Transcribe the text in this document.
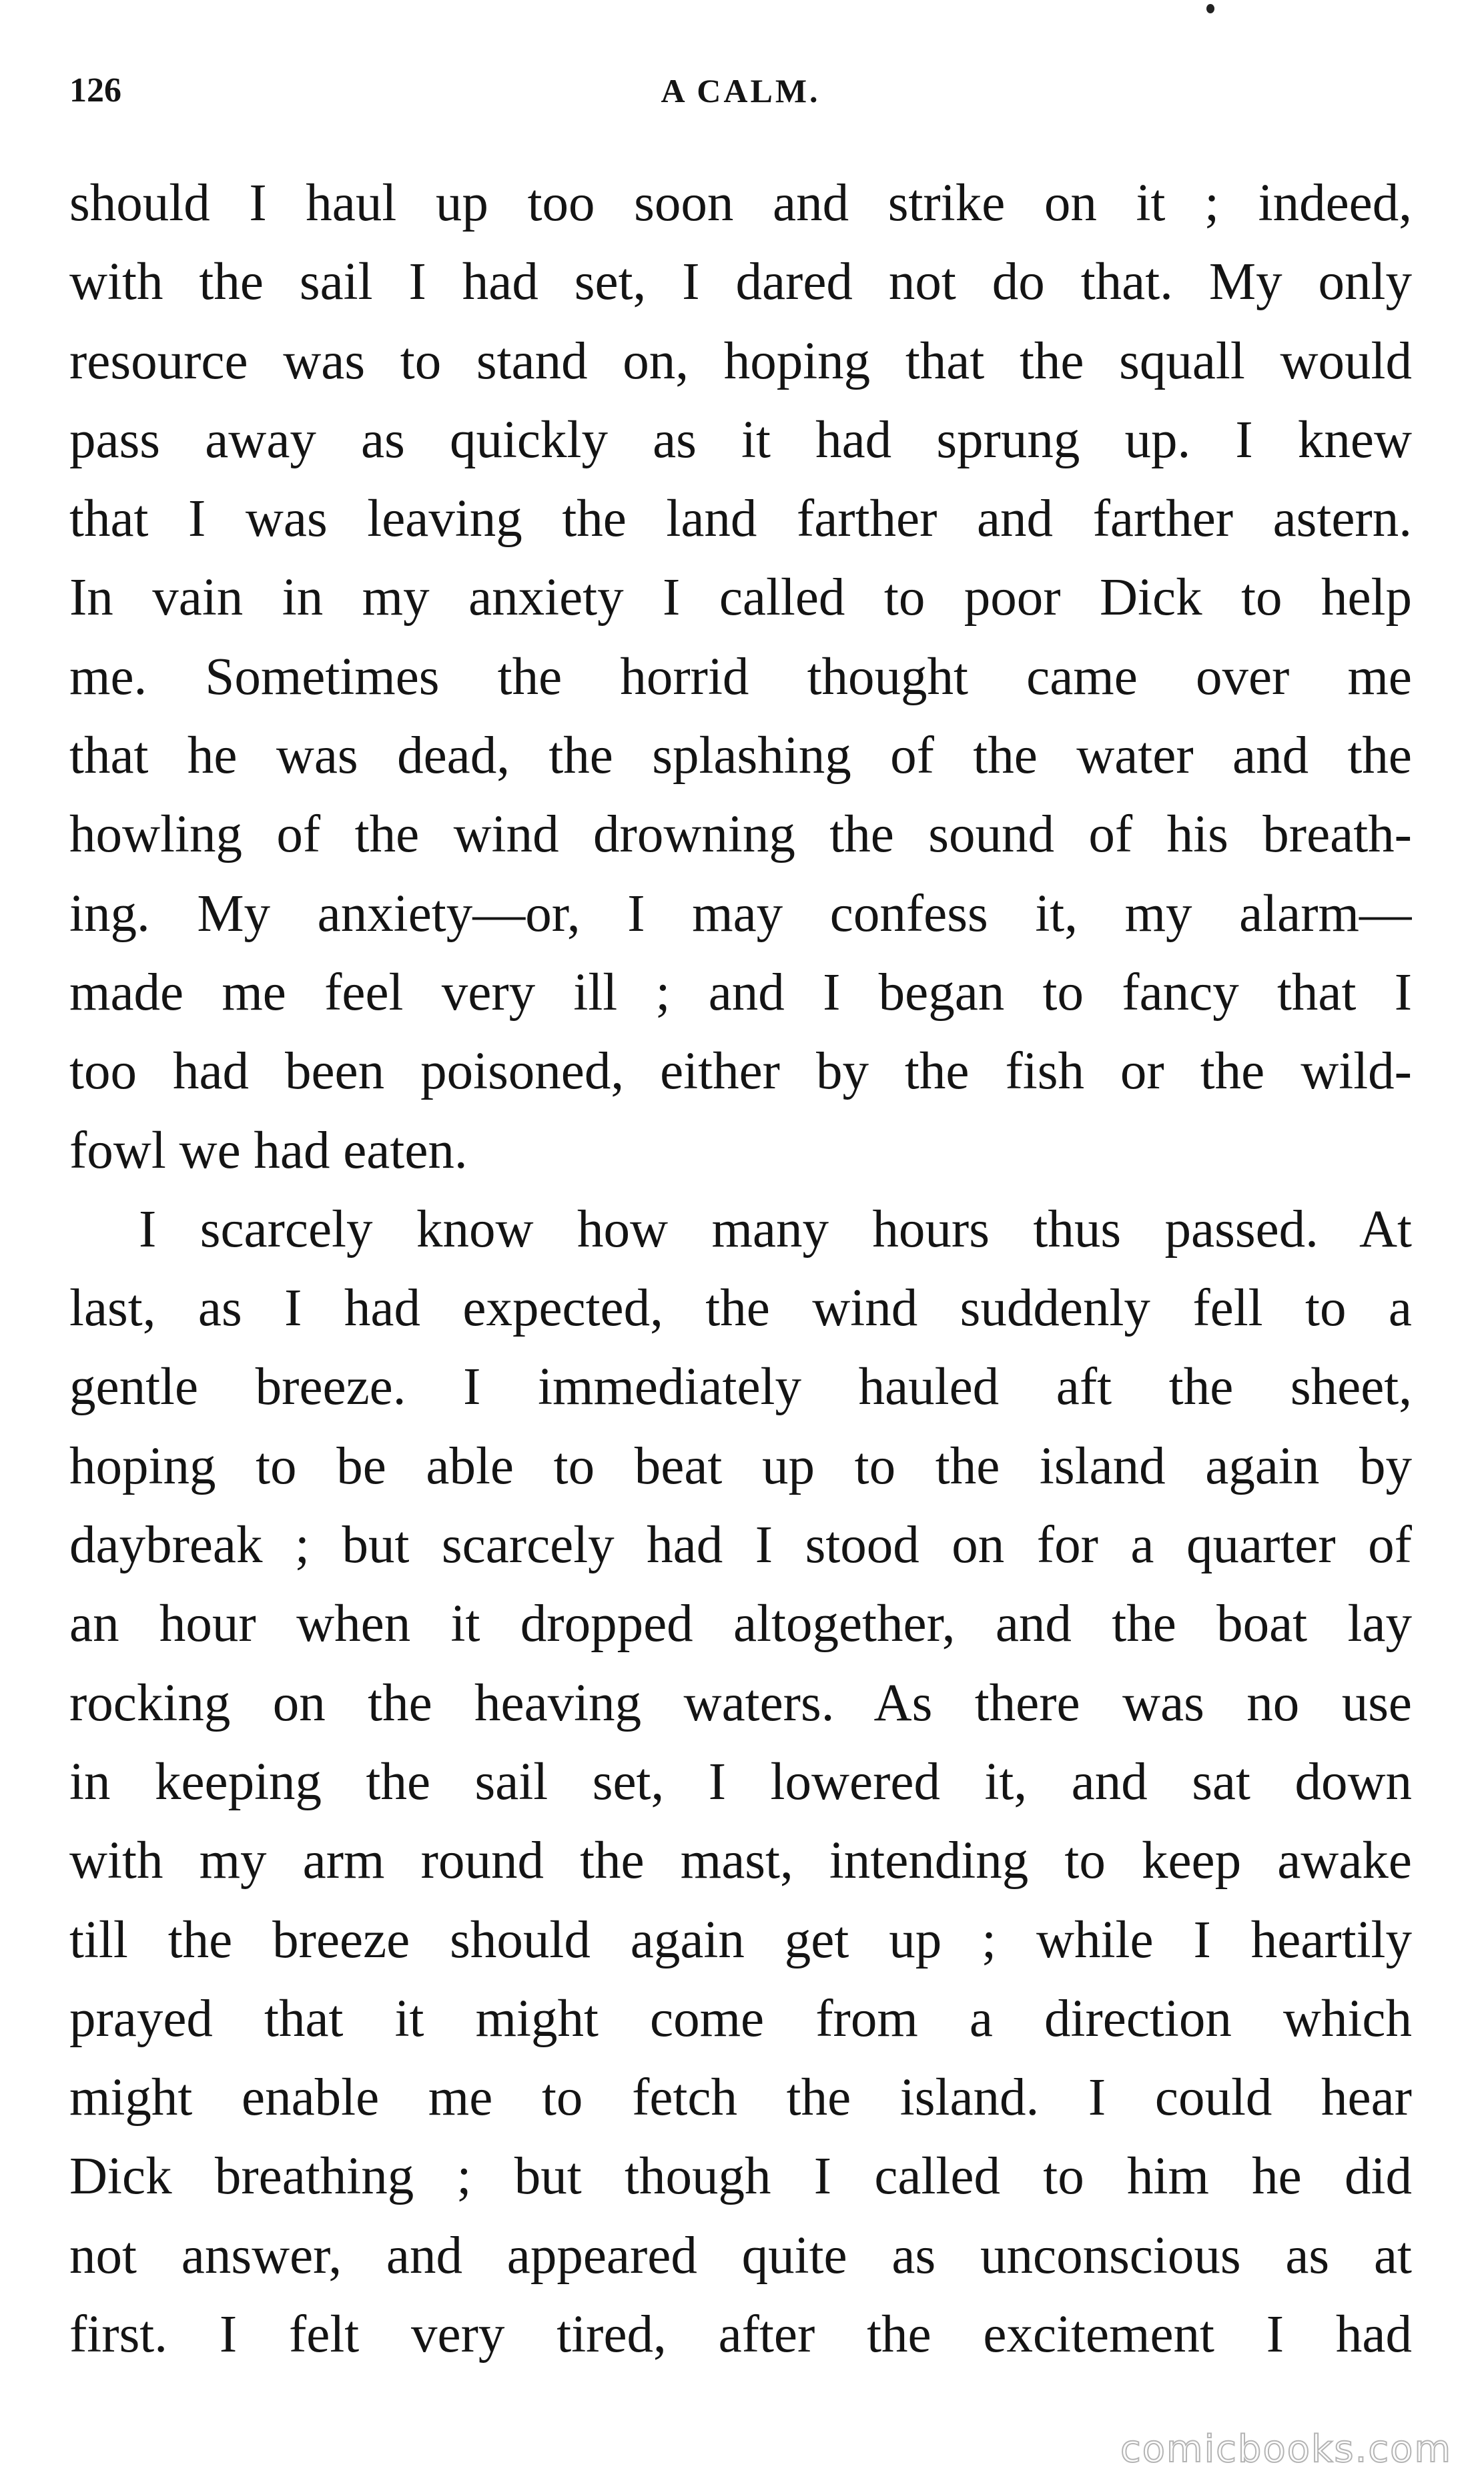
126	A CALM.
should I haul up too soon and strike on it ; indeed,
with the sail I had set, I dared not do that. My only
resource was to stand on, hoping that the squall would
pass away as quickly as it had sprung up. I knew
that I was leaving the land farther and farther astern.
In vain in my anxiety I called to poor Dick to help
me. Sometimes the horrid thought came over me
that he was dead, the splashing of the water and the
howling of the wind drowning the sound of his breath-
ing. My anxiety—or, I may confess it, my alarm—
made me feel very ill ; and I began to fancy that I
too had been poisoned, either by the fish or the wild-
fowl we had eaten.
I scarcely know how many hours thus passed. At
last, as I had expected, the wind suddenly fell to a
gentle breeze. I immediately hauled aft the sheet,
hoping to be able to beat up to the island again by
daybreak ; but scarcely had I stood on for a quarter of
an hour when it dropped altogether, and the boat lay
rocking on the heaving waters. As there was no use
in keeping the sail set, I lowered it, and sat down
with my arm round the mast, intending to keep awake
till the breeze should again get up ; while I heartily
prayed that it might come from a direction which
might enable me to fetch the island. I could hear
Dick breathing ; but though I called to him he did
not answer, and appeared quite as unconscious as at
first. I felt very tired, after the excitement I had
comicbooks.com
